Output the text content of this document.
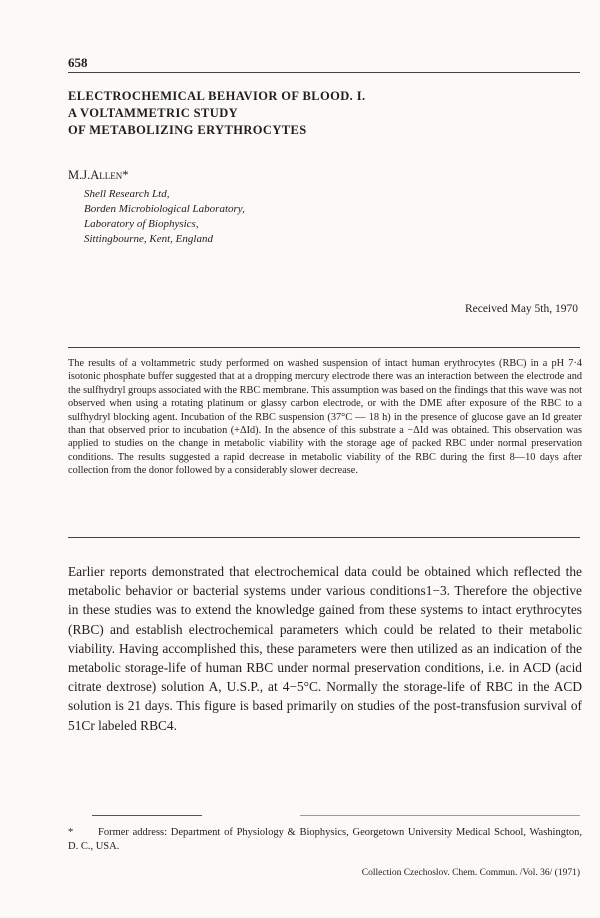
658
ELECTROCHEMICAL BEHAVIOR OF BLOOD. I.
A VOLTAMMETRIC STUDY
OF METABOLIZING ERYTHROCYTES
M.J.Allen*
Shell Research Ltd,
Borden Microbiological Laboratory,
Laboratory of Biophysics,
Sittingbourne, Kent, England
Received May 5th, 1970
The results of a voltammetric study performed on washed suspension of intact human erythrocytes (RBC) in a pH 7·4 isotonic phosphate buffer suggested that at a dropping mercury electrode there was an interaction between the electrode and the sulfhydryl groups associated with the RBC membrane. This assumption was based on the findings that this wave was not observed when using a rotating platinum or glassy carbon electrode, or with the DME after exposure of the RBC to a sulfhydryl blocking agent. Incubation of the RBC suspension (37°C — 18 h) in the presence of glucose gave an Id greater than that observed prior to incubation (+ΔId). In the absence of this substrate a −ΔId was obtained. This observation was applied to studies on the change in metabolic viability with the storage age of packed RBC under normal preservation conditions. The results suggested a rapid decrease in metabolic viability of the RBC during the first 8—10 days after collection from the donor followed by a considerably slower decrease.
Earlier reports demonstrated that electrochemical data could be obtained which reflected the metabolic behavior or bacterial systems under various conditions1−3. Therefore the objective in these studies was to extend the knowledge gained from these systems to intact erythrocytes (RBC) and establish electrochemical parameters which could be related to their metabolic viability. Having accomplished this, these parameters were then utilized as an indication of the metabolic storage-life of human RBC under normal preservation conditions, i.e. in ACD (acid citrate dextrose) solution A, U.S.P., at 4−5°C. Normally the storage-life of RBC in the ACD solution is 21 days. This figure is based primarily on studies of the post-transfusion survival of 51Cr labeled RBC4.
* Former address: Department of Physiology & Biophysics, Georgetown University Medical School, Washington, D. C., USA.
Collection Czechoslov. Chem. Commun. /Vol. 36/ (1971)
